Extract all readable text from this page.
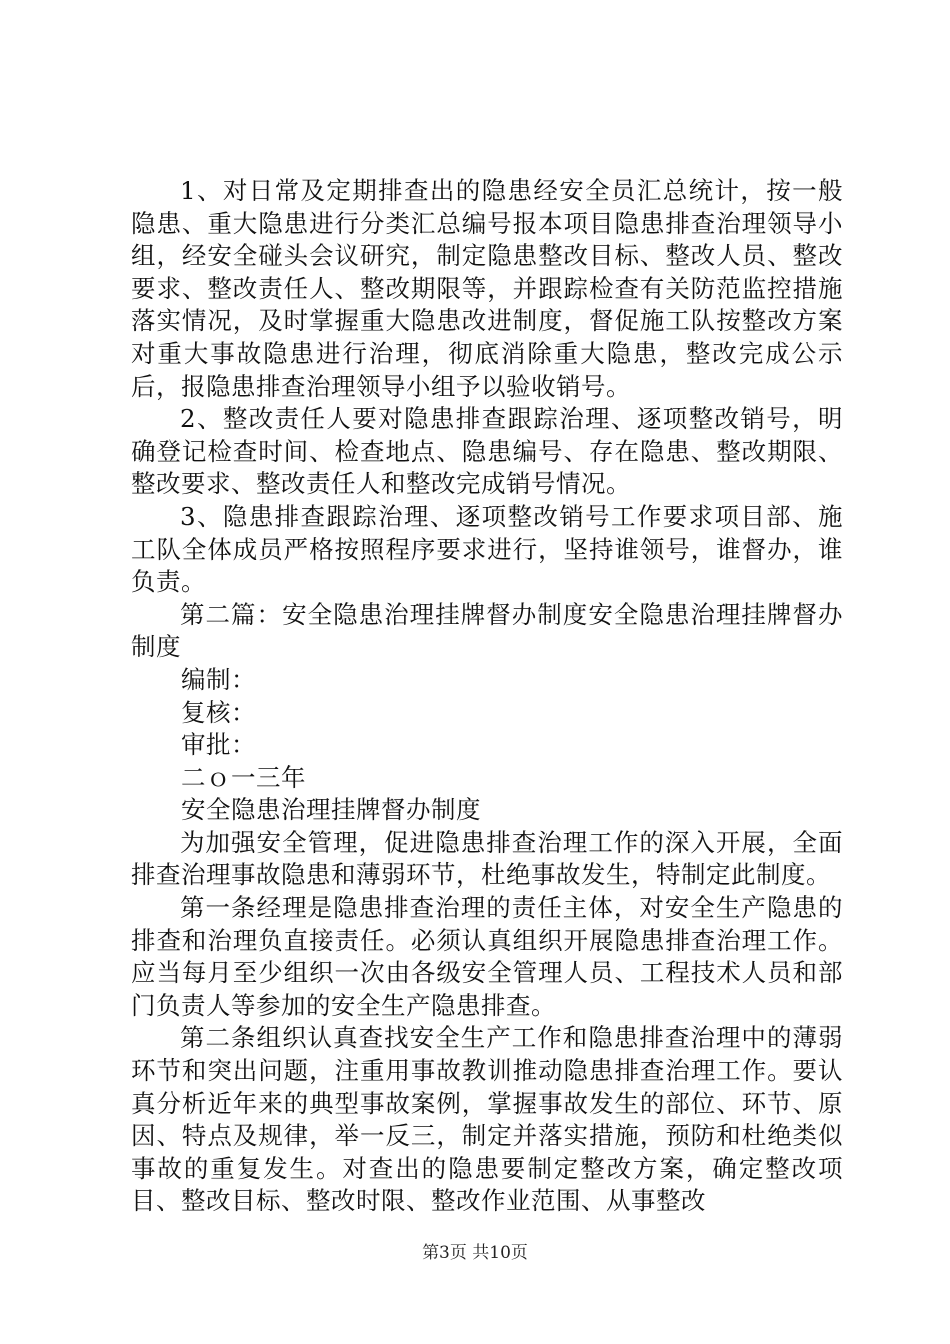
1、对日常及定期排查出的隐患经安全员汇总统计，按一般隐患、重大隐患进行分类汇总编号报本项目隐患排查治理领导小组，经安全碰头会议研究，制定隐患整改目标、整改人员、整改要求、整改责任人、整改期限等，并跟踪检查有关防范监控措施落实情况，及时掌握重大隐患改进制度，督促施工队按整改方案对重大事故隐患进行治理，彻底消除重大隐患，整改完成公示后，报隐患排查治理领导小组予以验收销号。

2、整改责任人要对隐患排查跟踪治理、逐项整改销号，明确登记检查时间、检查地点、隐患编号、存在隐患、整改期限、整改要求、整改责任人和整改完成销号情况。

3、隐患排查跟踪治理、逐项整改销号工作要求项目部、施工队全体成员严格按照程序要求进行，坚持谁领号，谁督办，谁负责。

第二篇：安全隐患治理挂牌督办制度安全隐患治理挂牌督办制度

编制：

复核：

审批：

二ｏ一三年

安全隐患治理挂牌督办制度

为加强安全管理，促进隐患排查治理工作的深入开展，全面排查治理事故隐患和薄弱环节，杜绝事故发生，特制定此制度。

第一条经理是隐患排查治理的责任主体，对安全生产隐患的排查和治理负直接责任。必须认真组织开展隐患排查治理工作。应当每月至少组织一次由各级安全管理人员、工程技术人员和部门负责人等参加的安全生产隐患排查。

第二条组织认真查找安全生产工作和隐患排查治理中的薄弱环节和突出问题，注重用事故教训推动隐患排查治理工作。要认真分析近年来的典型事故案例，掌握事故发生的部位、环节、原因、特点及规律，举一反三，制定并落实措施，预防和杜绝类似事故的重复发生。对查出的隐患要制定整改方案，确定整改项目、整改目标、整改时限、整改作业范围、从事整改

第3页 共10页
